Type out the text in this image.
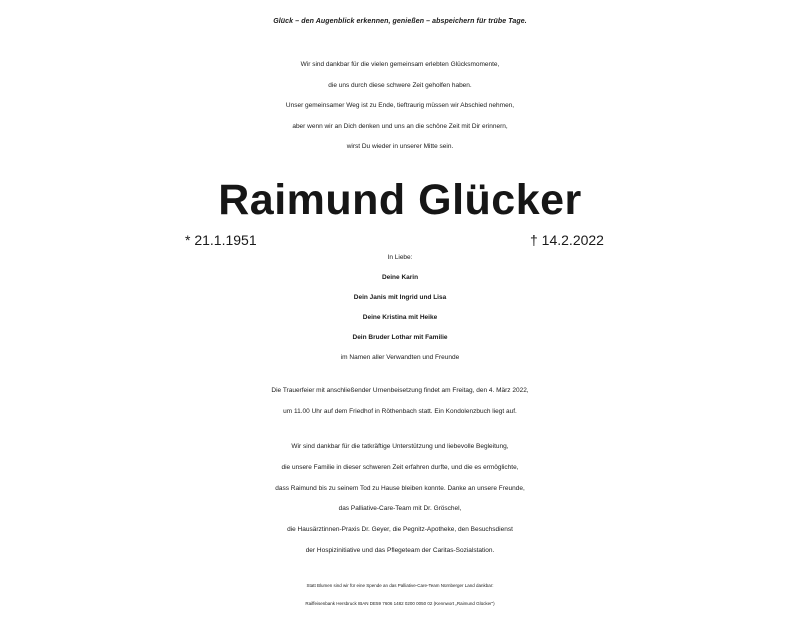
Glück – den Augenblick erkennen, genießen – abspeichern für trübe Tage.
Wir sind dankbar für die vielen gemeinsam erlebten Glücksmomente,
die uns durch diese schwere Zeit geholfen haben.
Unser gemeinsamer Weg ist zu Ende, tieftraurig müssen wir Abschied nehmen,
aber wenn wir an Dich denken und uns an die schöne Zeit mit Dir erinnern,
wirst Du wieder in unserer Mitte sein.
Raimund Glücker
* 21.1.1951	† 14.2.2022
In Liebe:
Deine Karin
Dein Janis mit Ingrid und Lisa
Deine Kristina mit Heike
Dein Bruder Lothar mit Familie
im Namen aller Verwandten und Freunde
Die Trauerfeier mit anschließender Urnenbeisetzung findet am Freitag, den 4. März 2022,
um 11.00 Uhr auf dem Friedhof in Röthenbach statt. Ein Kondolenzbuch liegt auf.
Wir sind dankbar für die tatkräftige Unterstützung und liebevolle Begleitung,
die unsere Familie in dieser schweren Zeit erfahren durfte, und die es ermöglichte,
dass Raimund bis zu seinem Tod zu Hause bleiben konnte. Danke an unsere Freunde,
das Palliative-Care-Team mit Dr. Gröschel,
die Hausärztinnen-Praxis Dr. Geyer, die Pegnitz-Apotheke, den Besuchsdienst
der Hospizinitiative und das Pflegeteam der Caritas-Sozialstation.
Statt Blumen sind wir für eine Spende an das Palliative-Care-Team Nürnberger Land dankbar:
Raiffeisenbank Hersbruck IBAN DE59 7606 1482 0200 0050 02 (Kennwort „Raimund Glücker“)
